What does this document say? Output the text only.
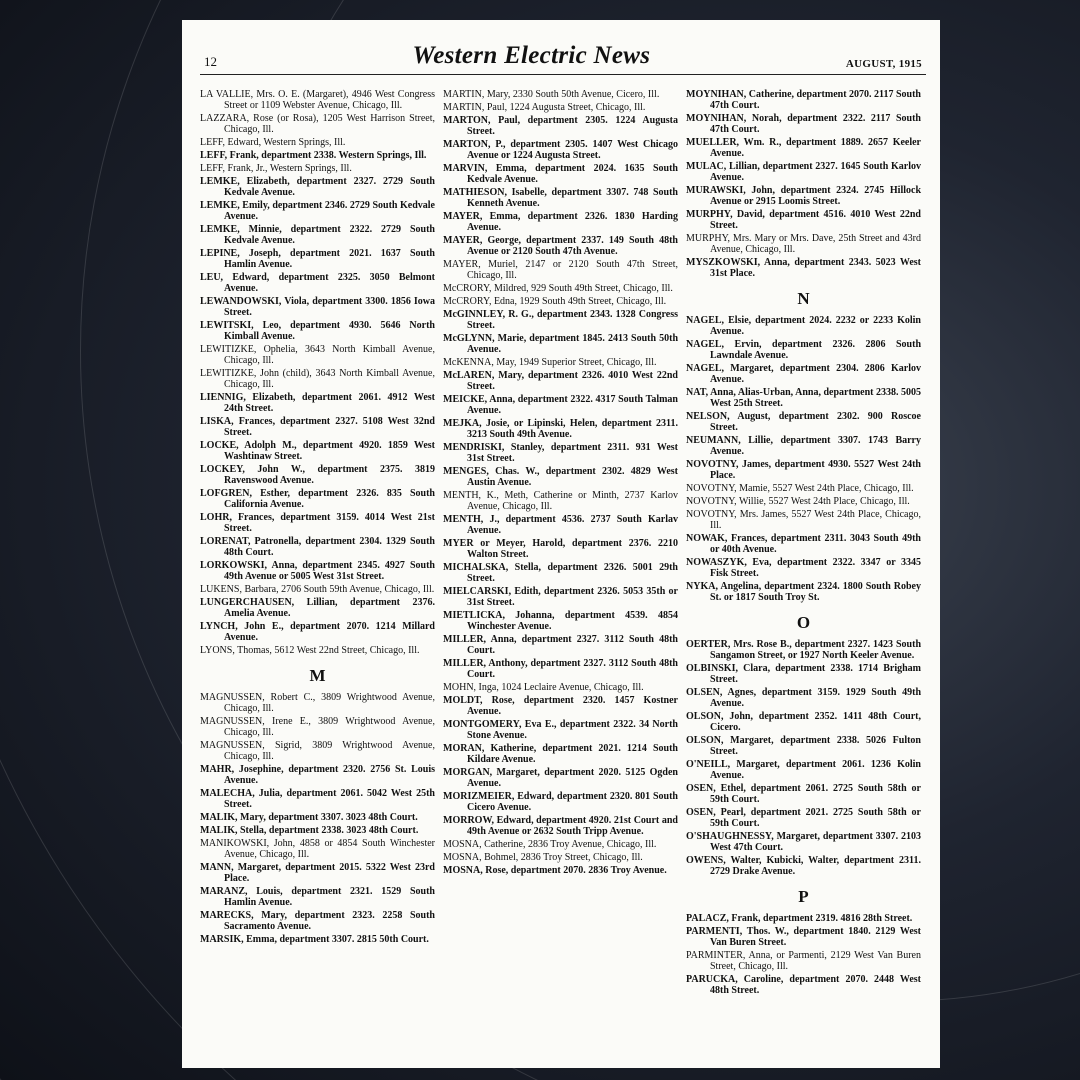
12	Western Electric News	AUGUST, 1915
LA VALLIE, Mrs. O. E. (Margaret), 4946 West Congress Street or 1109 Webster Avenue, Chicago, Ill.
LAZZARA, Rose (or Rosa), 1205 West Harrison Street, Chicago, Ill.
LEFF, Edward, Western Springs, Ill.
LEFF, Frank, department 2338. Western Springs, Ill.
LEFF, Frank, Jr., Western Springs, Ill.
LEMKE, Elizabeth, department 2327. 2729 South Kedvale Avenue.
LEMKE, Emily, department 2346. 2729 South Kedvale Avenue.
LEMKE, Minnie, department 2322. 2729 South Kedvale Avenue.
LEPINE, Joseph, department 2021. 1637 South Hamlin Avenue.
LEU, Edward, department 2325. 3050 Belmont Avenue.
LEWANDOWSKI, Viola, department 3300. 1856 Iowa Street.
LEWITSKI, Leo, department 4930. 5646 North Kimball Avenue.
LEWITIZKE, Ophelia, 3643 North Kimball Avenue, Chicago, Ill.
LEWITIZKE, John (child), 3643 North Kimball Avenue, Chicago, Ill.
LIENNIG, Elizabeth, department 2061. 4912 West 24th Street.
LISKA, Frances, department 2327. 5108 West 32nd Street.
LOCKE, Adolph M., department 4920. 1859 West Washtinaw Street.
LOCKEY, John W., department 2375. 3819 Ravenswood Avenue.
LOFGREN, Esther, department 2326. 835 South California Avenue.
LOHR, Frances, department 3159. 4014 West 21st Street.
LORENAT, Patronella, department 2304. 1329 South 48th Court.
LORKOWSKI, Anna, department 2345. 4927 South 49th Avenue or 5005 West 31st Street.
LUKENS, Barbara, 2706 South 59th Avenue, Chicago, Ill.
LUNGERCHAUSEN, Lillian, department 2376. Amelia Avenue.
LYNCH, John E., department 2070. 1214 Millard Avenue.
LYONS, Thomas, 5612 West 22nd Street, Chicago, Ill.
M
MAGNUSSEN, Robert C., 3809 Wrightwood Avenue, Chicago, Ill.
MAGNUSSEN, Irene E., 3809 Wrightwood Avenue, Chicago, Ill.
MAGNUSSEN, Sigrid, 3809 Wrightwood Avenue, Chicago, Ill.
MAHR, Josephine, department 2320. 2756 St. Louis Avenue.
MALECHA, Julia, department 2061. 5042 West 25th Street.
MALIK, Mary, department 3307. 3023 48th Court.
MALIK, Stella, department 2338. 3023 48th Court.
MANIKOWSKI, John, 4858 or 4854 South Winchester Avenue, Chicago, Ill.
MANN, Margaret, department 2015. 5322 West 23rd Place.
MARANZ, Louis, department 2321. 1529 South Hamlin Avenue.
MARECKS, Mary, department 2323. 2258 South Sacramento Avenue.
MARSIK, Emma, department 3307. 2815 50th Court.
MARTIN, Mary, 2330 South 50th Avenue, Cicero, Ill.
MARTIN, Paul, 1224 Augusta Street, Chicago, Ill.
MARTON, Paul, department 2305. 1224 Augusta Street.
MARTON, P., department 2305. 1407 West Chicago Avenue or 1224 Augusta Street.
MARVIN, Emma, department 2024. 1635 South Kedvale Avenue.
MATHIESON, Isabelle, department 3307. 748 South Kenneth Avenue.
MAYER, Emma, department 2326. 1830 Harding Avenue.
MAYER, George, department 2337. 149 South 48th Avenue or 2120 South 47th Avenue.
MAYER, Muriel, 2147 or 2120 South 47th Street, Chicago, Ill.
McCRORY, Mildred, 929 South 49th Street, Chicago, Ill.
McCRORY, Edna, 1929 South 49th Street, Chicago, Ill.
McGINNLEY, R. G., department 2343. 1328 Congress Street.
McGLYNN, Marie, department 1845. 2413 South 50th Avenue.
McKENNA, May, 1949 Superior Street, Chicago, Ill.
McLAREN, Mary, department 2326. 4010 West 22nd Street.
MEICKE, Anna, department 2322. 4317 South Talman Avenue.
MEJKA, Josie, or Lipinski, Helen, department 2311. 3213 South 49th Avenue.
MENDRISKI, Stanley, department 2311. 931 West 31st Street.
MENGES, Chas. W., department 2302. 4829 West Austin Avenue.
MENTH, K., Meth, Catherine or Minth, 2737 Karlov Avenue, Chicago, Ill.
MENTH, J., department 4536. 2737 South Karlav Avenue.
MYER or Meyer, Harold, department 2376. 2210 Walton Street.
MICHALSKA, Stella, department 2326. 5001 29th Street.
MIELCARSKI, Edith, department 2326. 5053 35th or 31st Street.
MIETLICKA, Johanna, department 4539. 4854 Winchester Avenue.
MILLER, Anna, department 2327. 3112 South 48th Court.
MILLER, Anthony, department 2327. 3112 South 48th Court.
MOHN, Inga, 1024 Leclaire Avenue, Chicago, Ill.
MOLDT, Rose, department 2320. 1457 Kostner Avenue.
MONTGOMERY, Eva E., department 2322. 34 North Stone Avenue.
MORAN, Katherine, department 2021. 1214 South Kildare Avenue.
MORGAN, Margaret, department 2020. 5125 Ogden Avenue.
MORIZMEIER, Edward, department 2320. 801 South Cicero Avenue.
MORROW, Edward, department 4920. 21st Court and 49th Avenue or 2632 South Tripp Avenue.
MOSNA, Catherine, 2836 Troy Avenue, Chicago, Ill.
MOSNA, Bohmel, 2836 Troy Street, Chicago, Ill.
MOSNA, Rose, department 2070. 2836 Troy Avenue.
MOYNIHAN, Catherine, department 2070. 2117 South 47th Court.
MOYNIHAN, Norah, department 2322. 2117 South 47th Court.
MUELLER, Wm. R., department 1889. 2657 Keeler Avenue.
MULAC, Lillian, department 2327. 1645 South Karlov Avenue.
MURAWSKI, John, department 2324. 2745 Hillock Avenue or 2915 Loomis Street.
MURPHY, David, department 4516. 4010 West 22nd Street.
MURPHY, Mrs. Mary or Mrs. Dave, 25th Street and 43rd Avenue, Chicago, Ill.
MYSZKOWSKI, Anna, department 2343. 5023 West 31st Place.
N
NAGEL, Elsie, department 2024. 2232 or 2233 Kolin Avenue.
NAGEL, Ervin, department 2326. 2806 South Lawndale Avenue.
NAGEL, Margaret, department 2304. 2806 Karlov Avenue.
NAT, Anna, Alias-Urban, Anna, department 2338. 5005 West 25th Street.
NELSON, August, department 2302. 900 Roscoe Street.
NEUMANN, Lillie, department 3307. 1743 Barry Avenue.
NOVOTNY, James, department 4930. 5527 West 24th Place.
NOVOTNY, Mamie, 5527 West 24th Place, Chicago, Ill.
NOVOTNY, Willie, 5527 West 24th Place, Chicago, Ill.
NOVOTNY, Mrs. James, 5527 West 24th Place, Chicago, Ill.
NOWAK, Frances, department 2311. 3043 South 49th or 40th Avenue.
NOWASZYK, Eva, department 2322. 3347 or 3345 Fisk Street.
NYKA, Angelina, department 2324. 1800 South Robey St. or 1817 South Troy St.
O
OERTER, Mrs. Rose B., department 2327. 1423 South Sangamon Street, or 1927 North Keeler Avenue.
OLBINSKI, Clara, department 2338. 1714 Brigham Street.
OLSEN, Agnes, department 3159. 1929 South 49th Avenue.
OLSON, John, department 2352. 1411 48th Court, Cicero.
OLSON, Margaret, department 2338. 5026 Fulton Street.
O'NEILL, Margaret, department 2061. 1236 Kolin Avenue.
OSEN, Ethel, department 2061. 2725 South 58th or 59th Court.
OSEN, Pearl, department 2021. 2725 South 58th or 59th Court.
O'SHAUGHNESSY, Margaret, department 3307. 2103 West 47th Court.
OWENS, Walter, Kubicki, Walter, department 2311. 2729 Drake Avenue.
P
PALACZ, Frank, department 2319. 4816 28th Street.
PARMENTI, Thos. W., department 1840. 2129 West Van Buren Street.
PARMINTER, Anna, or Parmenti, 2129 West Van Buren Street, Chicago, Ill.
PARUCKA, Caroline, department 2070. 2448 West 48th Street.
